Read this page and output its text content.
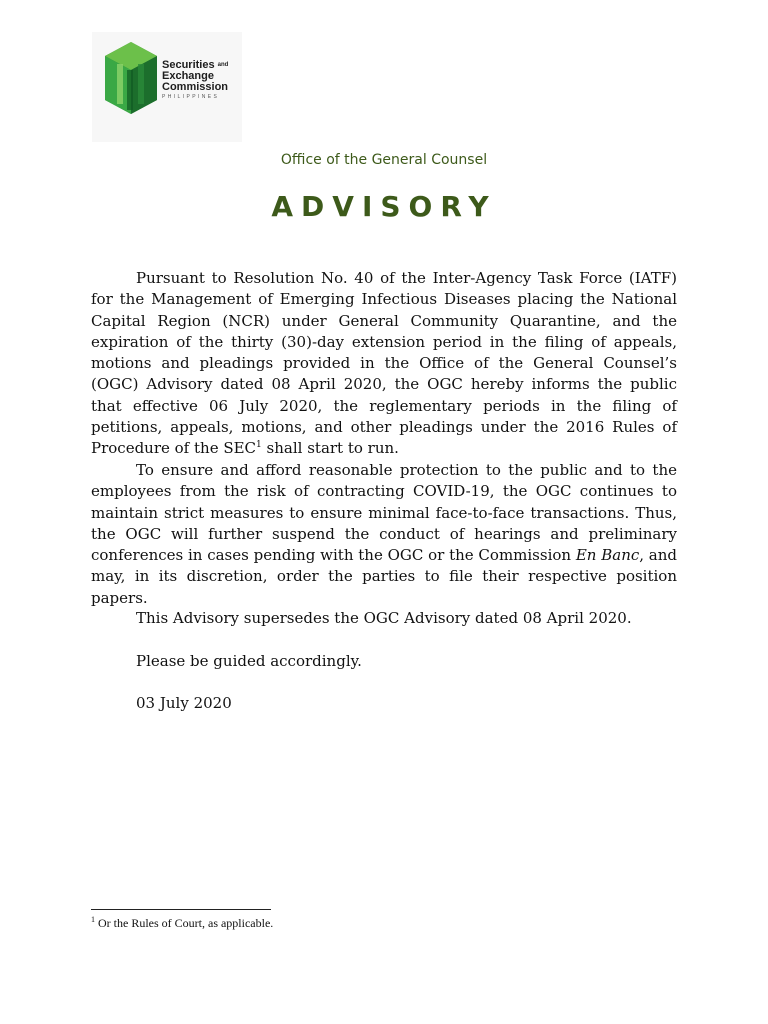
Securities and
Exchange
Commission
PHILIPPINES
Office of the General Counsel
ADVISORY

Pursuant to Resolution No. 40 of the Inter-Agency Task Force (IATF) for the Management of Emerging Infectious Diseases placing the National Capital Region (NCR) under General Community Quarantine, and the expiration of the thirty (30)-day extension period in the filing of appeals, motions and pleadings provided in the Office of the General Counsel’s (OGC) Advisory dated 08 April 2020, the OGC hereby informs the public that effective 06 July 2020, the reglementary periods in the filing of petitions, appeals, motions, and other pleadings under the 2016 Rules of Procedure of the SEC$^1$ shall start to run.

To ensure and afford reasonable protection to the public and to the employees from the risk of contracting COVID-19, the OGC continues to maintain strict measures to ensure minimal face-to-face transactions. Thus, the OGC will further suspend the conduct of hearings and preliminary conferences in cases pending with the OGC or the Commission En Banc, and may, in its discretion, order the parties to file their respective position papers.

This Advisory supersedes the OGC Advisory dated 08 April 2020.

Please be guided accordingly.

03 July 2020

$^1$ Or the Rules of Court, as applicable.
